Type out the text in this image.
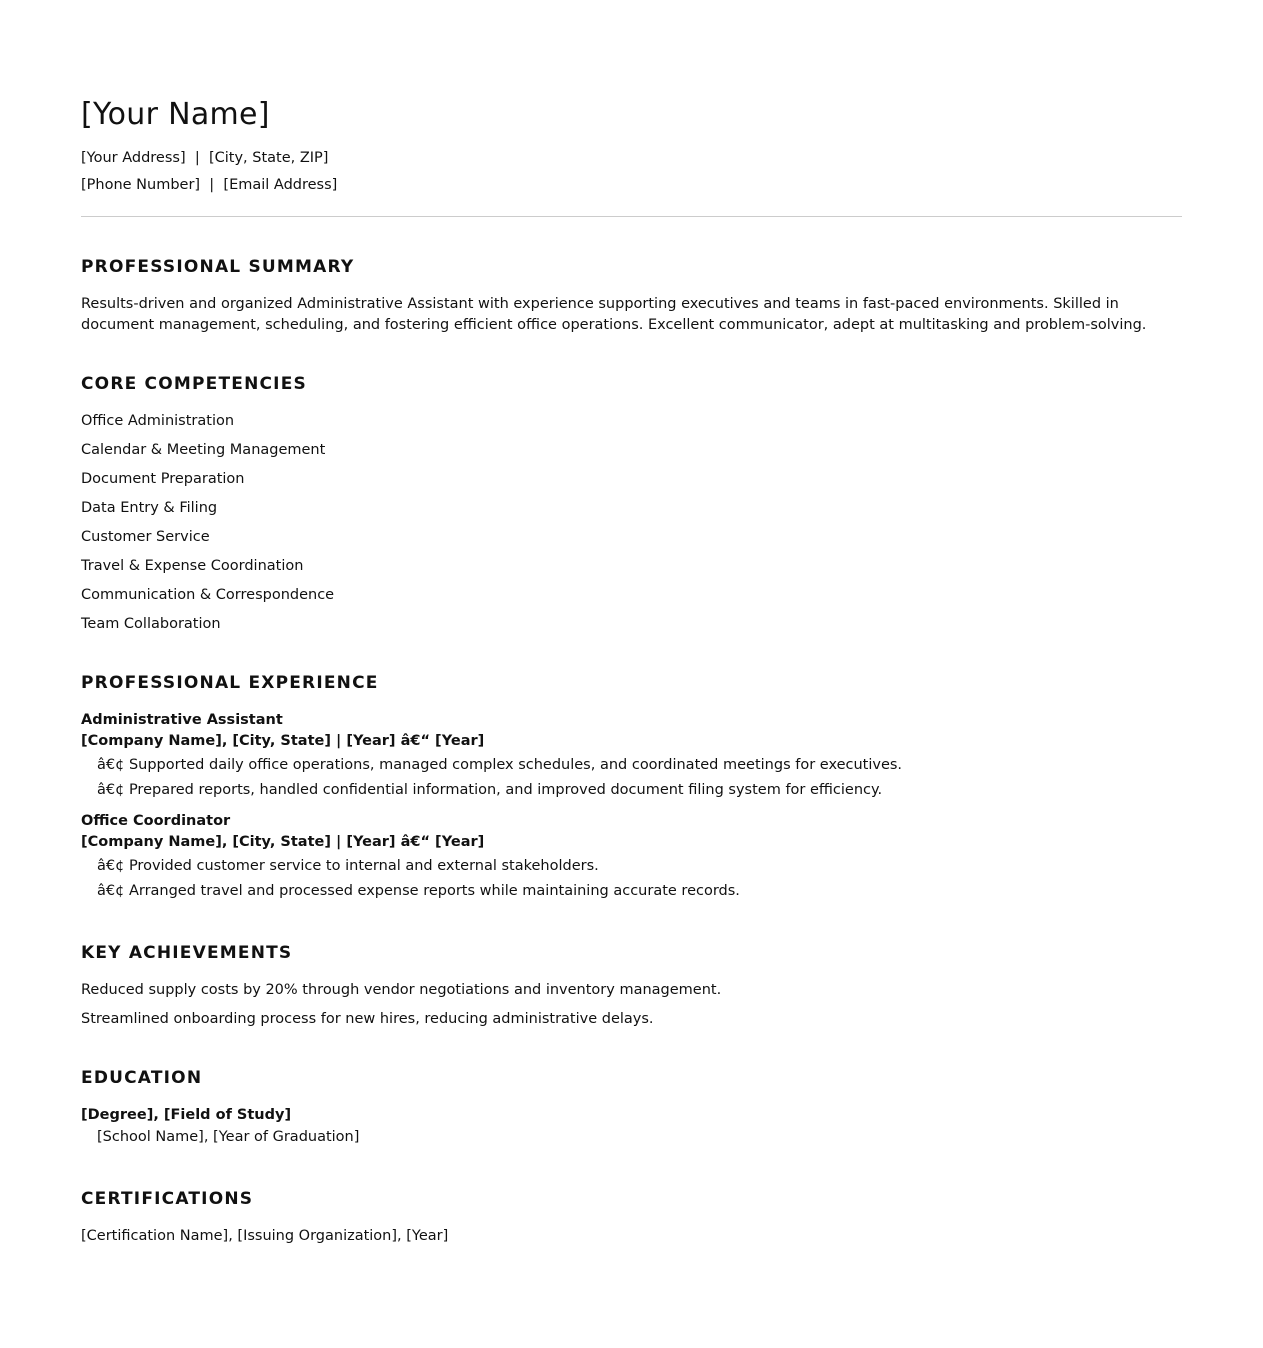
[Your Name]
[Your Address]  |  [City, State, ZIP]
[Phone Number]  |  [Email Address]
PROFESSIONAL SUMMARY
Results-driven and organized Administrative Assistant with experience supporting executives and teams in fast-paced environments. Skilled in document management, scheduling, and fostering efficient office operations. Excellent communicator, adept at multitasking and problem-solving.
CORE COMPETENCIES
Office Administration
Calendar & Meeting Management
Document Preparation
Data Entry & Filing
Customer Service
Travel & Expense Coordination
Communication & Correspondence
Team Collaboration
PROFESSIONAL EXPERIENCE
Administrative Assistant
[Company Name], [City, State] | [Year] â€“ [Year]
â€¢ Supported daily office operations, managed complex schedules, and coordinated meetings for executives.
â€¢ Prepared reports, handled confidential information, and improved document filing system for efficiency.
Office Coordinator
[Company Name], [City, State] | [Year] â€“ [Year]
â€¢ Provided customer service to internal and external stakeholders.
â€¢ Arranged travel and processed expense reports while maintaining accurate records.
KEY ACHIEVEMENTS
Reduced supply costs by 20% through vendor negotiations and inventory management.
Streamlined onboarding process for new hires, reducing administrative delays.
EDUCATION
[Degree], [Field of Study]
[School Name], [Year of Graduation]
CERTIFICATIONS
[Certification Name], [Issuing Organization], [Year]
